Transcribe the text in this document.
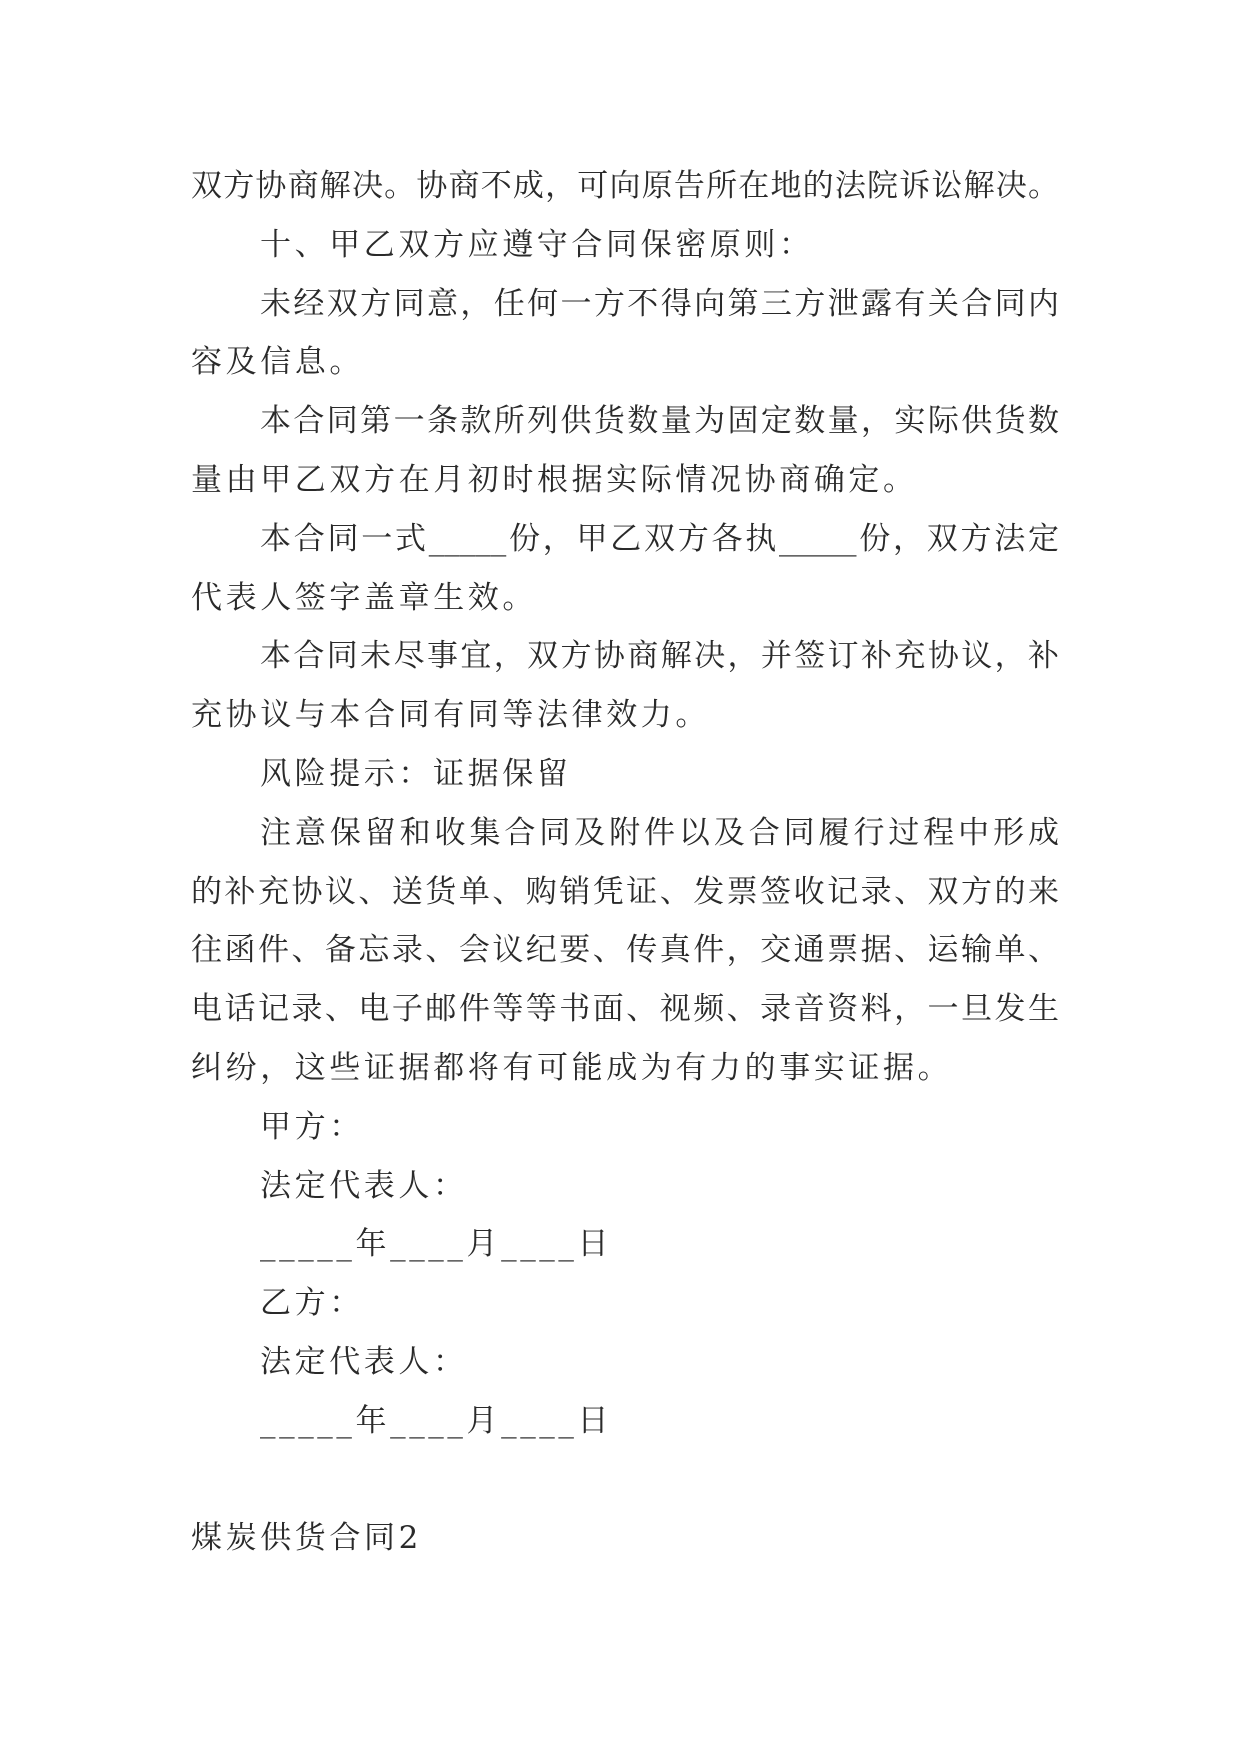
双方协商解决。协商不成，可向原告所在地的法院诉讼解决。
十、甲乙双方应遵守合同保密原则：
未经双方同意，任何一方不得向第三方泄露有关合同内
容及信息。
本合同第一条款所列供货数量为固定数量，实际供货数
量由甲乙双方在月初时根据实际情况协商确定。
本合同一式_____份，甲乙双方各执_____份，双方法定
代表人签字盖章生效。
本合同未尽事宜，双方协商解决，并签订补充协议，补
充协议与本合同有同等法律效力。
风险提示：证据保留
注意保留和收集合同及附件以及合同履行过程中形成
的补充协议、送货单、购销凭证、发票签收记录、双方的来
往函件、备忘录、会议纪要、传真件，交通票据、运输单、
电话记录、电子邮件等等书面、视频、录音资料，一旦发生
纠纷，这些证据都将有可能成为有力的事实证据。
甲方：
法定代表人：
_____年____月____日
乙方：
法定代表人：
_____年____月____日
煤炭供货合同2
